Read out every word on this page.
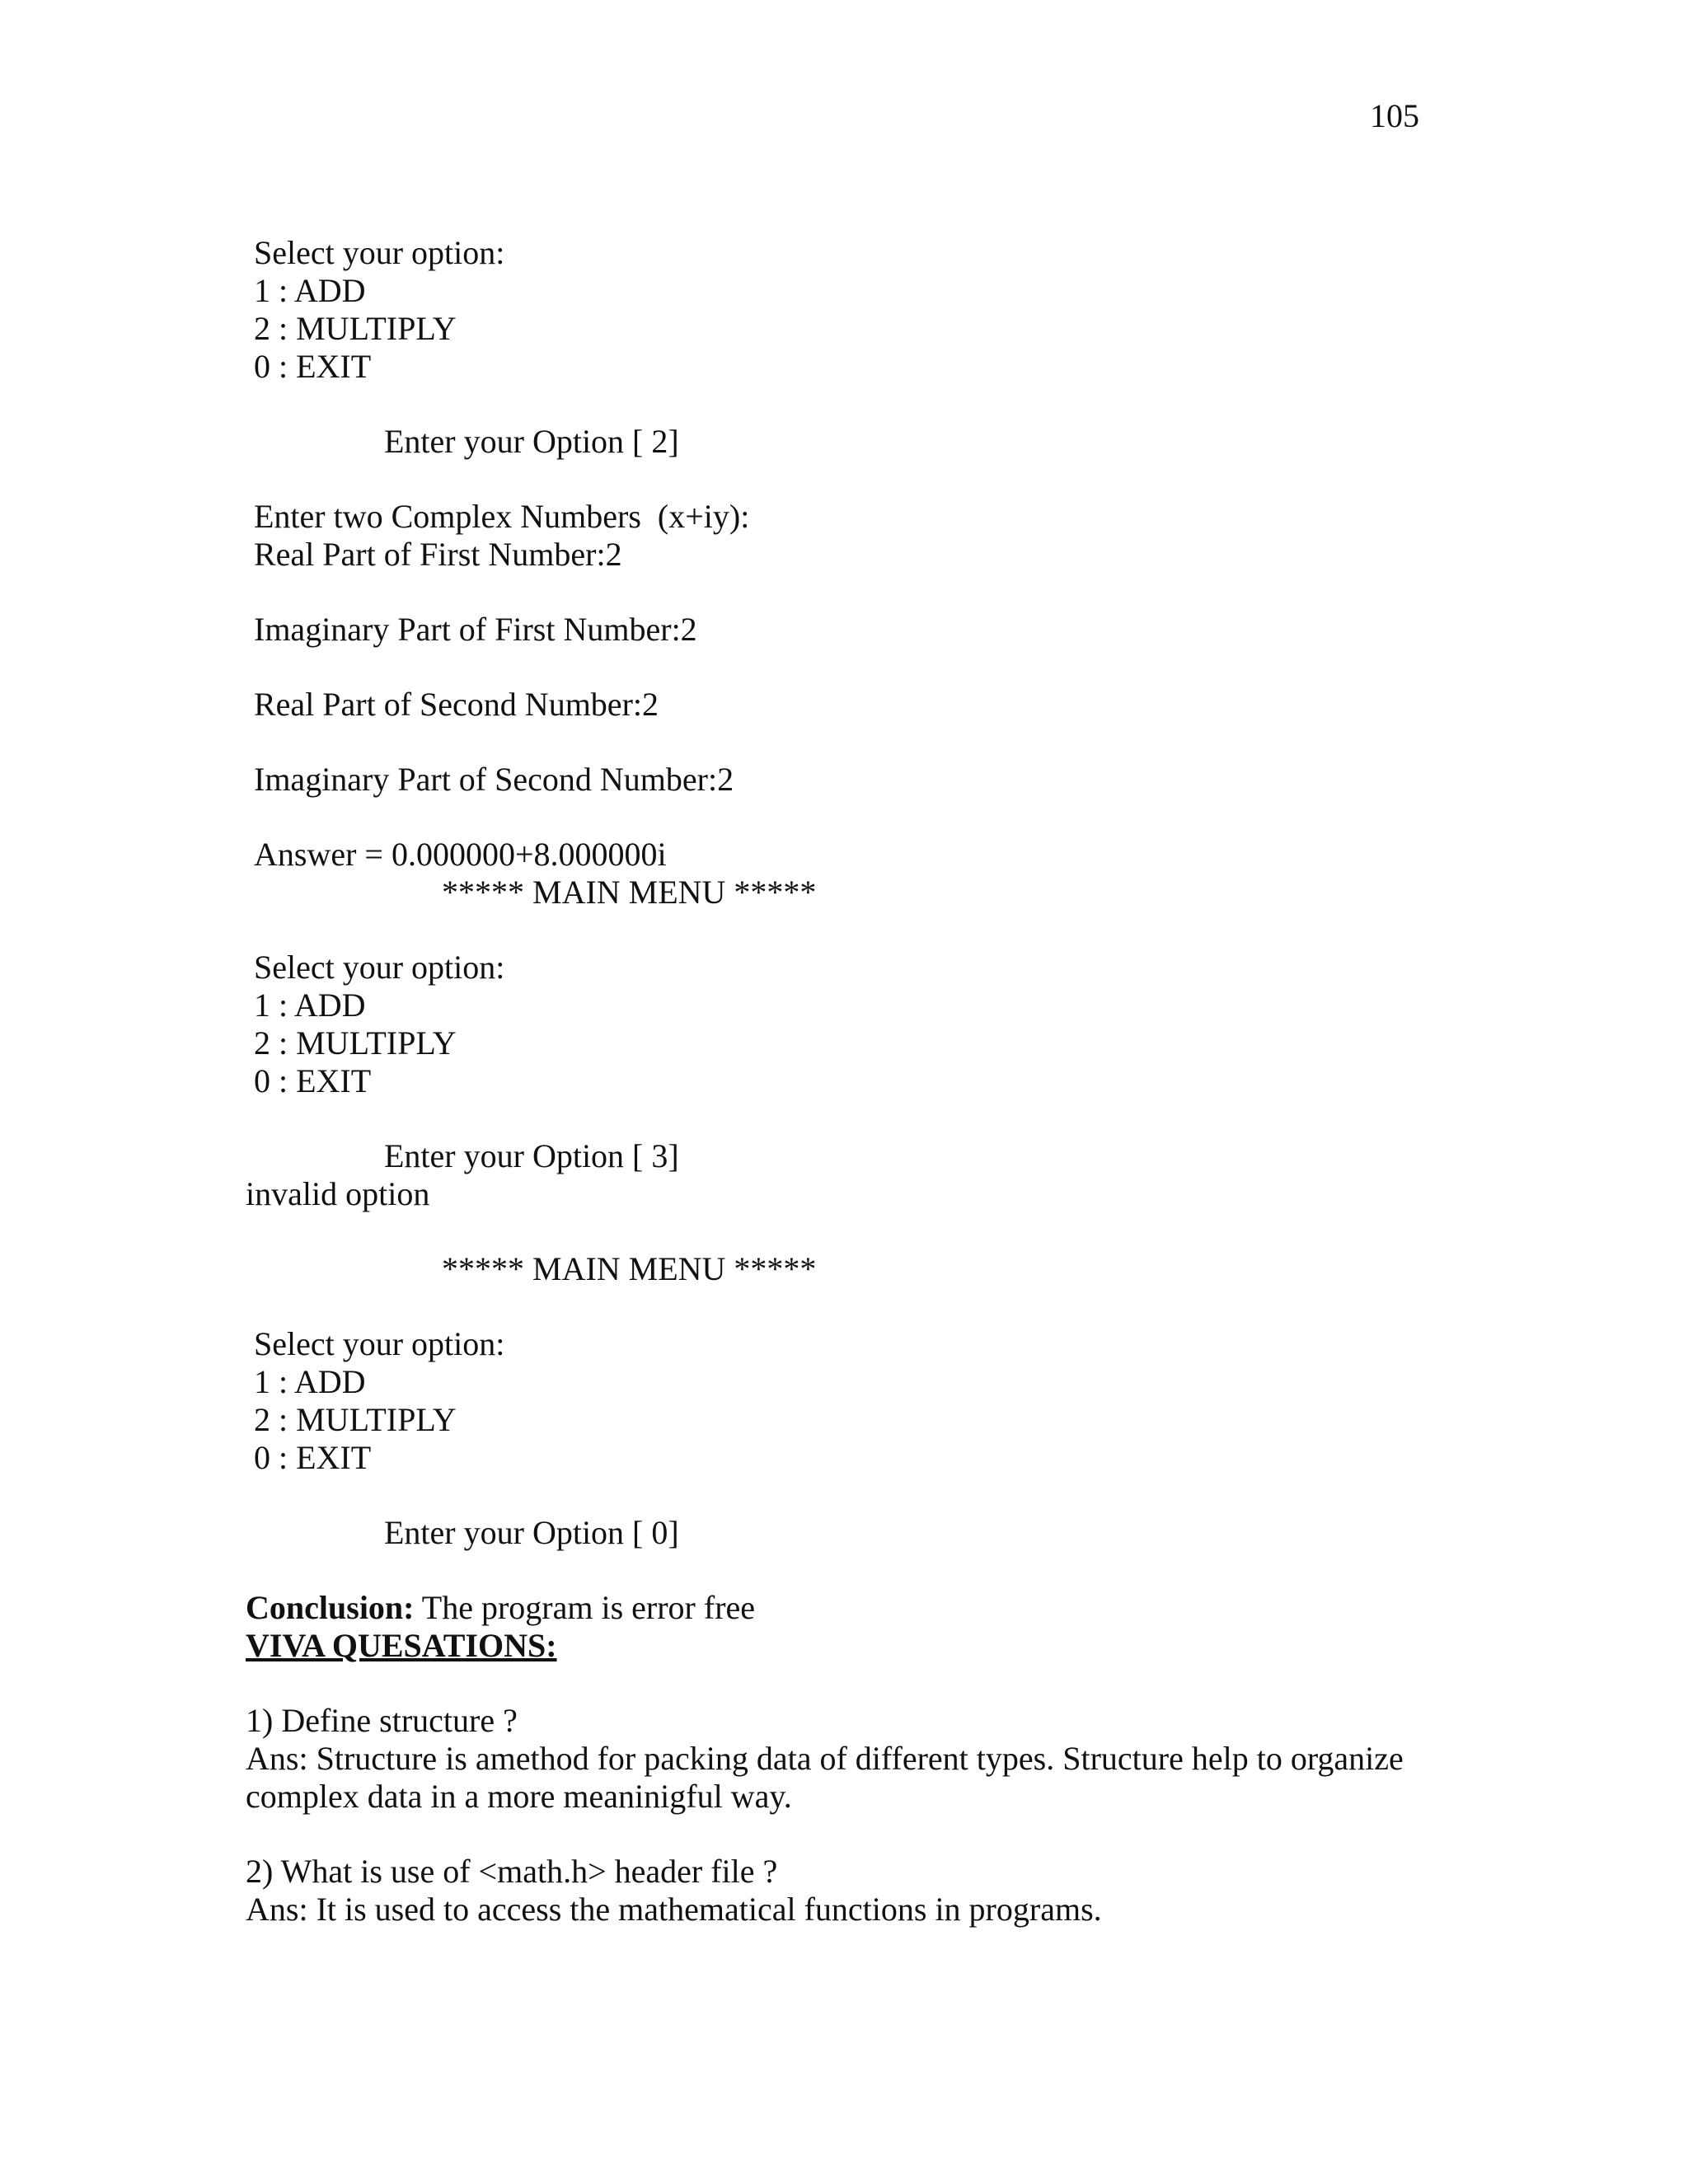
105
Select your option:
1 : ADD
2 : MULTIPLY
0 : EXIT
Enter your Option [ 2]
Enter two Complex Numbers  (x+iy):
Real Part of First Number:2
Imaginary Part of First Number:2
Real Part of Second Number:2
Imaginary Part of Second Number:2
Answer = 0.000000+8.000000i
***** MAIN MENU *****
Select your option:
1 : ADD
2 : MULTIPLY
0 : EXIT
Enter your Option [ 3]
invalid option
***** MAIN MENU *****
Select your option:
1 : ADD
2 : MULTIPLY
0 : EXIT
Enter your Option [ 0]
Conclusion: The program is error free
VIVA QUESATIONS:
1) Define structure ?
Ans: Structure is amethod for packing data of different types. Structure help to organize
complex data in a more meaninigful way.
2) What is use of <math.h> header file ?
Ans: It is used to access the mathematical functions in programs.
